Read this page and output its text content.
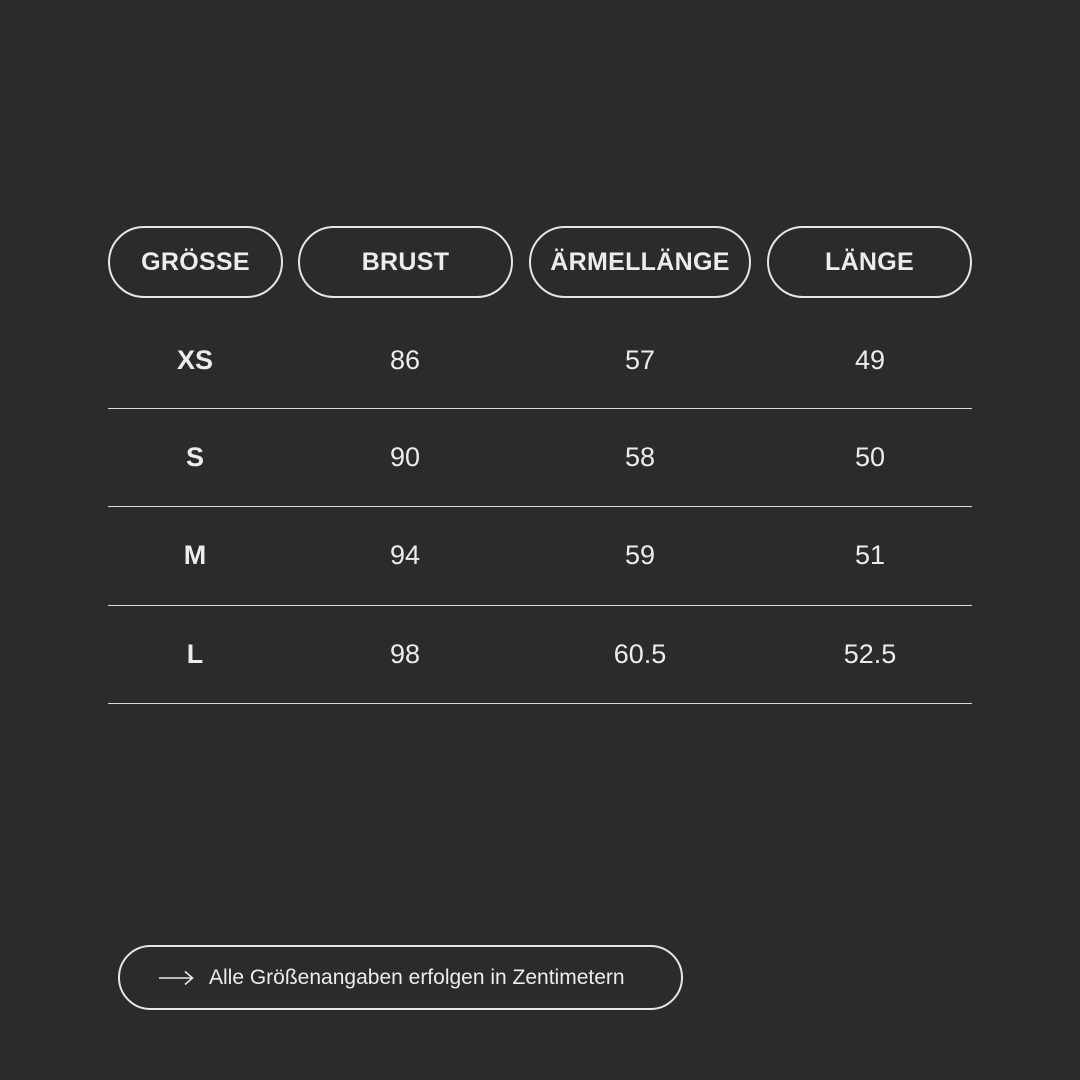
GRÖSSE	BRUST	ÄRMELLÄNGE	LÄNGE
XS	86	57	49
S	90	58	50
M	94	59	51
L	98	60.5	52.5
Alle Größenangaben erfolgen in Zentimetern
